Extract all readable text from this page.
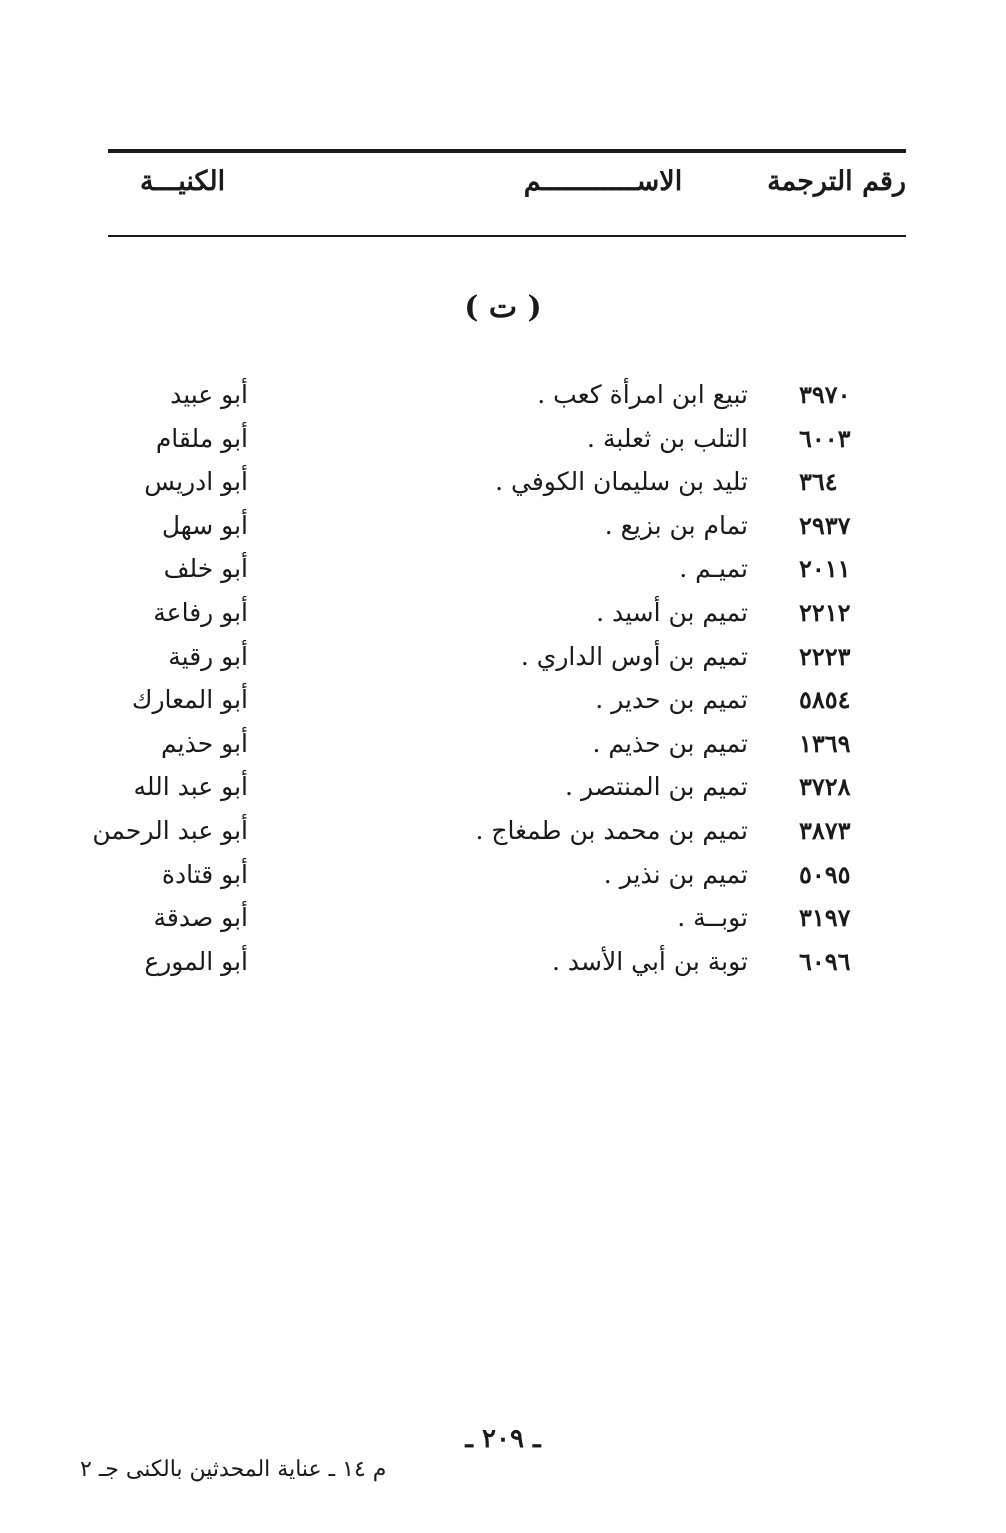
رقم الترجمة
الاســــــــــــم
الكنيـــة
( ت )
٣٩٧٠
تبيع ابن امرأة كعب .
أبو عبيد
٦٠٠٣
التلب بن ثعلبة .
أبو ملقام
٣٦٤
تليد بن سليمان الكوفي .
أبو ادريس
٢٩٣٧
تمام بن بزيع .
أبو سهل
٢٠١١
تميـم .
أبو خلف
٢٢١٢
تميم بن أسيد .
أبو رفاعة
٢٢٢٣
تميم بن أوس الداري .
أبو رقية
٥٨٥٤
تميم بن حدير .
أبو المعارك
١٣٦٩
تميم بن حذيم .
أبو حذيم
٣٧٢٨
تميم بن المنتصر .
أبو عبد الله
٣٨٧٣
تميم بن محمد بن طمغاج .
أبو عبد الرحمن
٥٠٩٥
تميم بن نذير .
أبو قتادة
٣١٩٧
توبــة .
أبو صدقة
٦٠٩٦
توبة بن أبي الأسد .
أبو المورع
ـ ٢٠٩ ـ
م ١٤ ـ عناية المحدثين بالكنى جـ ٢
